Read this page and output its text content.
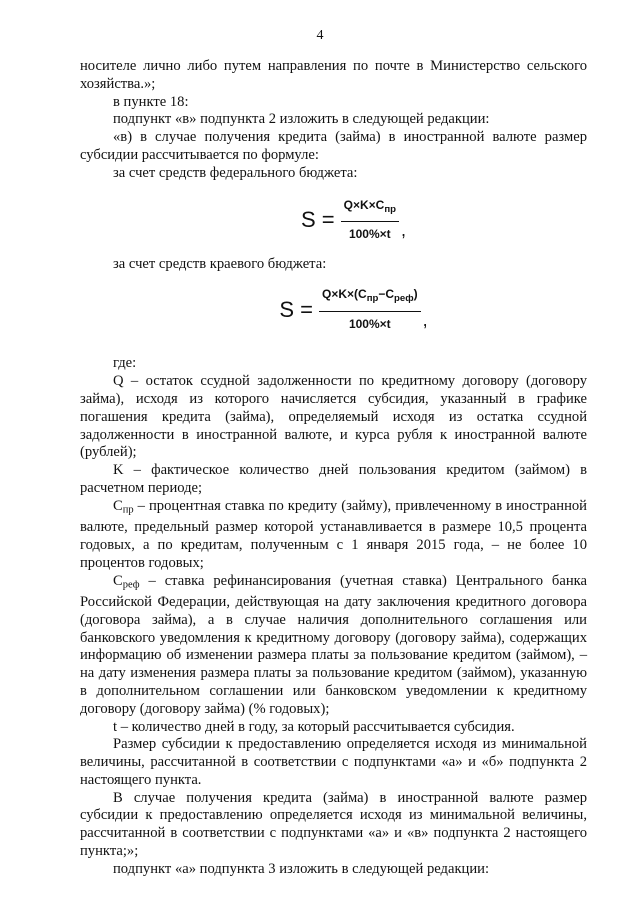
4

носителе лично либо путем направления по почте в Министерство сельского хозяйства.»;

в пункте 18:

подпункт «в» подпункта 2 изложить в следующей редакции:

«в) в случае получения кредита (займа) в иностранной валюте размер субсидии рассчитывается по формуле:

за счет средств федерального бюджета:

$S = \frac{Q\times K\times C_{пр}}{100\%\times t}$ ,

за счет средств краевого бюджета:

$S = \frac{Q\times K\times(C_{пр}-C_{реф})}{100\%\times t}$ ,

где:

Q – остаток ссудной задолженности по кредитному договору (договору займа), исходя из которого начисляется субсидия, указанный в графике погашения кредита (займа), определяемый исходя из остатка ссудной задолженности в иностранной валюте, и курса рубля к иностранной валюте (рублей);

K – фактическое количество дней пользования кредитом (займом) в расчетном периоде;

$С_{пр}$ – процентная ставка по кредиту (займу), привлеченному в иностранной валюте, предельный размер которой устанавливается в размере 10,5 процента годовых, а по кредитам, полученным с 1 января 2015 года, – не более 10 процентов годовых;

$С_{реф}$ – ставка рефинансирования (учетная ставка) Центрального банка Российской Федерации, действующая на дату заключения кредитного договора (договора займа), а в случае наличия дополнительного соглашения или банковского уведомления к кредитному договору (договору займа), содержащих информацию об изменении размера платы за пользование кредитом (займом), – на дату изменения размера платы за пользование кредитом (займом), указанную в дополнительном соглашении или банковском уведомлении к кредитному договору (договору займа) (% годовых);

t – количество дней в году, за который рассчитывается субсидия.

Размер субсидии к предоставлению определяется исходя из минимальной величины, рассчитанной в соответствии с подпунктами «а» и «б» подпункта 2 настоящего пункта.

В случае получения кредита (займа) в иностранной валюте размер субсидии к предоставлению определяется исходя из минимальной величины, рассчитанной в соответствии с подпунктами «а» и «в» подпункта 2 настоящего пункта;»;

подпункт «а» подпункта 3 изложить в следующей редакции:
